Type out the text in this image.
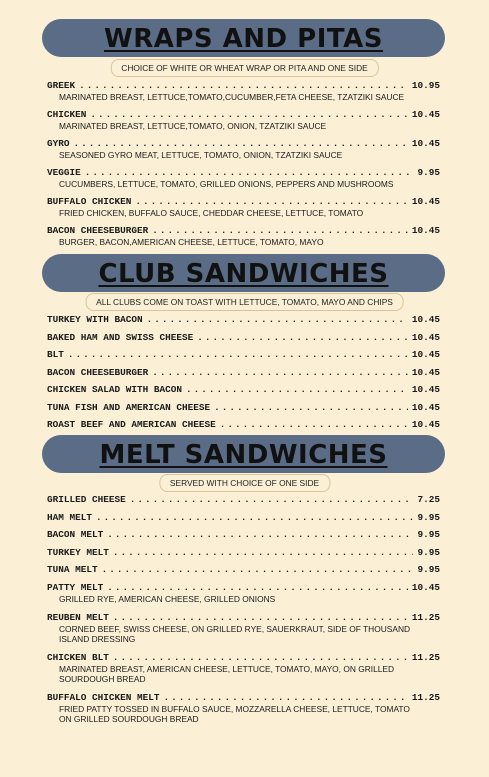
WRAPS AND PITAS
CHOICE OF WHITE OR WHEAT WRAP OR PITA AND ONE SIDE
GREEK .....	10.95
MARINATED BREAST, LETTUCE,TOMATO,CUCUMBER,FETA CHEESE, TZATZIKI SAUCE
CHICKEN .....	10.45
MARINATED BREAST, LETTUCE,TOMATO, ONION, TZATZIKI SAUCE
GYRO .....	10.45
SEASONED GYRO MEAT, LETTUCE, TOMATO, ONION, TZATZIKI SAUCE
VEGGIE .....	9.95
CUCUMBERS, LETTUCE, TOMATO, GRILLED ONIONS, PEPPERS AND MUSHROOMS
BUFFALO CHICKEN .....	10.45
FRIED CHICKEN, BUFFALO SAUCE, CHEDDAR CHEESE, LETTUCE, TOMATO
BACON CHEESEBURGER .....	10.45
BURGER, BACON,AMERICAN CHEESE, LETTUCE, TOMATO, MAYO
CLUB SANDWICHES
ALL CLUBS COME ON TOAST WITH LETTUCE, TOMATO, MAYO AND CHIPS
TURKEY WITH BACON .....	10.45
BAKED HAM AND SWISS CHEESE .....	10.45
BLT .....	10.45
BACON CHEESEBURGER .....	10.45
CHICKEN SALAD WITH BACON .....	10.45
TUNA FISH AND AMERICAN CHEESE .....	10.45
ROAST BEEF AND AMERICAN CHEESE .....	10.45
MELT SANDWICHES
SERVED WITH CHOICE OF ONE SIDE
GRILLED CHEESE .....	7.25
HAM MELT .....	9.95
BACON MELT .....	9.95
TURKEY MELT .....	9.95
TUNA MELT .....	9.95
PATTY MELT .....	10.45
GRILLED RYE, AMERICAN CHEESE, GRILLED ONIONS
REUBEN MELT .....	11.25
CORNED BEEF, SWISS CHEESE, ON GRILLED RYE, SAUERKRAUT, SIDE OF THOUSAND ISLAND DRESSING
CHICKEN BLT .....	11.25
MARINATED BREAST, AMERICAN CHEESE, LETTUCE, TOMATO, MAYO, ON GRILLED SOURDOUGH BREAD
BUFFALO CHICKEN MELT .....	11.25
FRIED PATTY TOSSED IN BUFFALO SAUCE, MOZZARELLA CHEESE, LETTUCE, TOMATO ON GRILLED SOURDOUGH BREAD
